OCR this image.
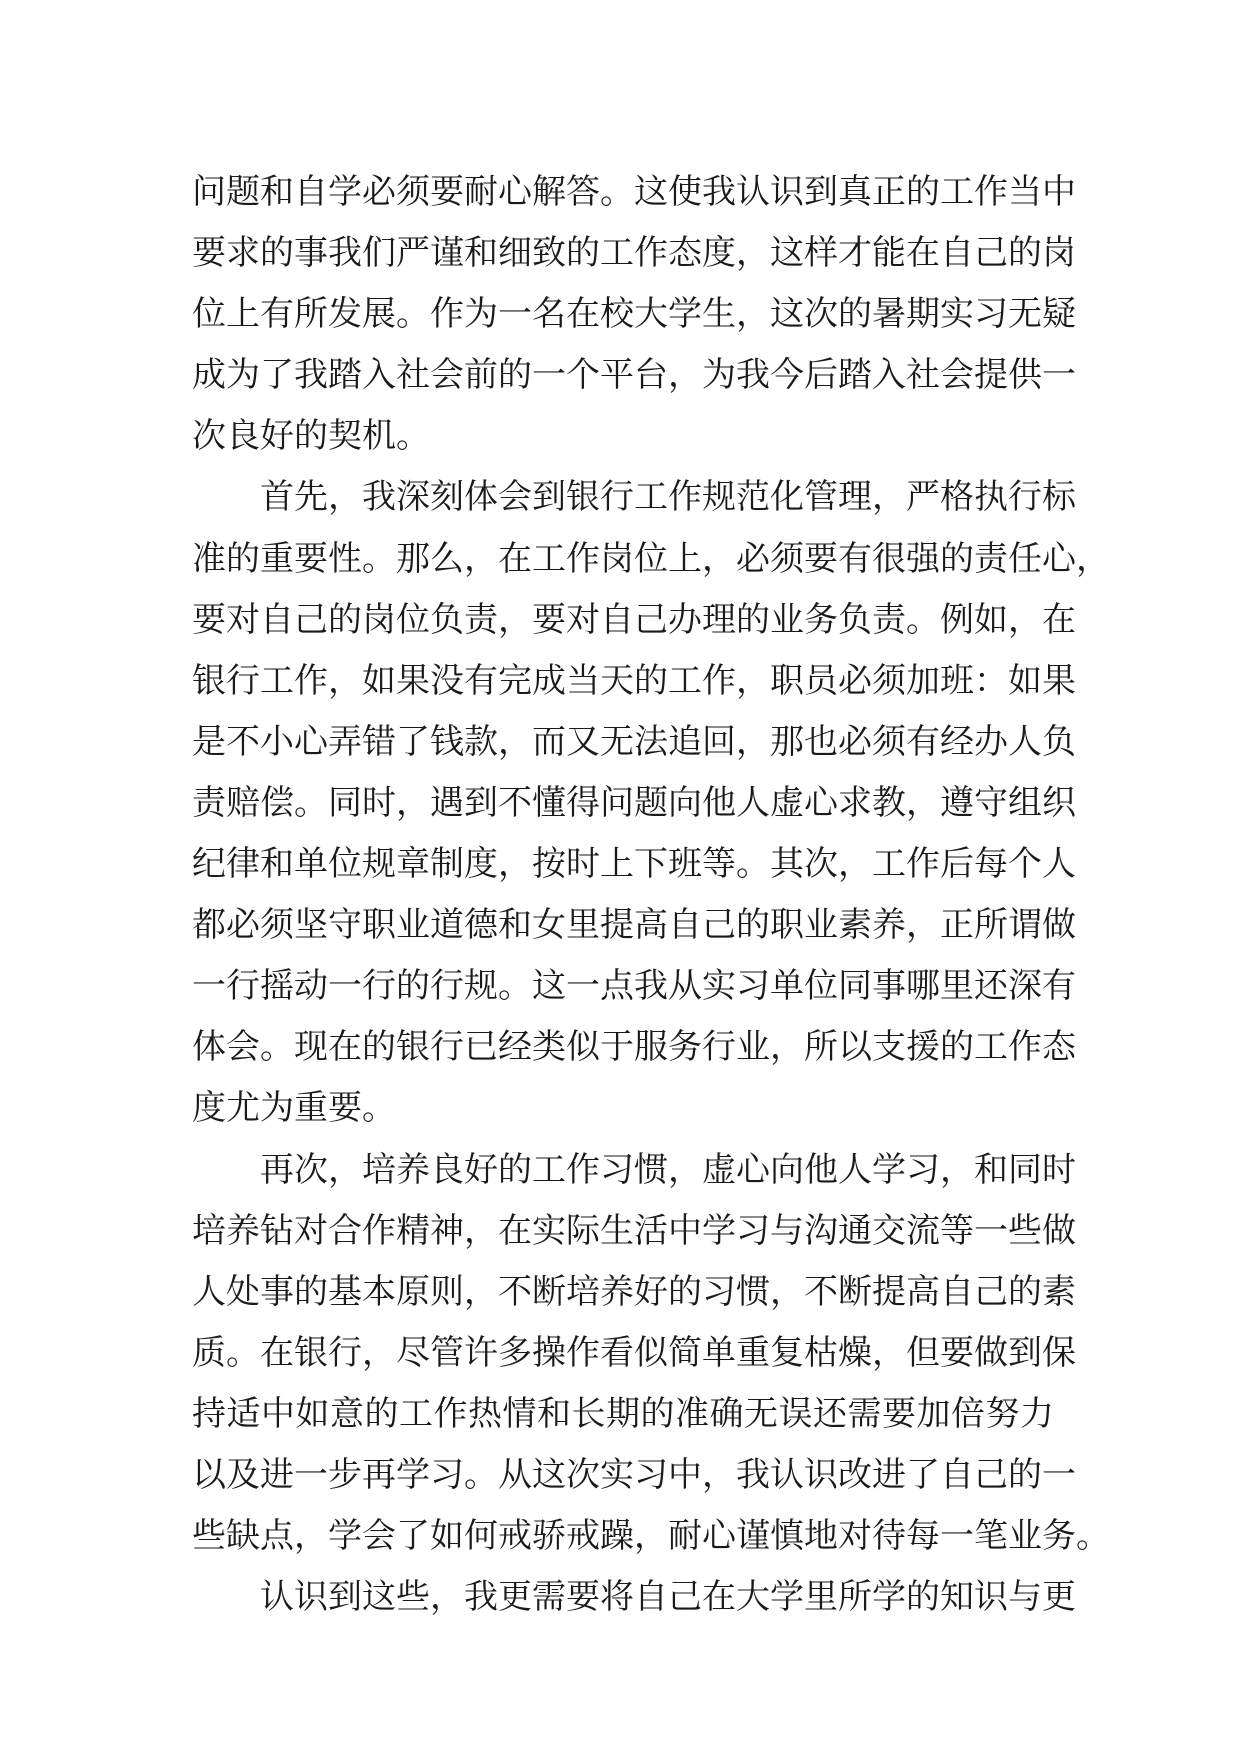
问题和自学必须要耐心解答。这使我认识到真正的工作当中
要求的事我们严谨和细致的工作态度，这样才能在自己的岗
位上有所发展。作为一名在校大学生，这次的暑期实习无疑
成为了我踏入社会前的一个平台，为我今后踏入社会提供一
次良好的契机。

　　首先，我深刻体会到银行工作规范化管理，严格执行标
准的重要性。那么，在工作岗位上，必须要有很强的责任心，
要对自己的岗位负责，要对自己办理的业务负责。例如，在
银行工作，如果没有完成当天的工作，职员必须加班：如果
是不小心弄错了钱款，而又无法追回，那也必须有经办人负
责赔偿。同时，遇到不懂得问题向他人虚心求教，遵守组织
纪律和单位规章制度，按时上下班等。其次，工作后每个人
都必须坚守职业道德和女里提高自己的职业素养，正所谓做
一行摇动一行的行规。这一点我从实习单位同事哪里还深有
体会。现在的银行已经类似于服务行业，所以支援的工作态
度尤为重要。

　　再次，培养良好的工作习惯，虚心向他人学习，和同时
培养钻对合作精神，在实际生活中学习与沟通交流等一些做
人处事的基本原则，不断培养好的习惯，不断提高自己的素
质。在银行，尽管许多操作看似简单重复枯燥，但要做到保
持适中如意的工作热情和长期的准确无误还需要加倍努力
以及进一步再学习。从这次实习中，我认识改进了自己的一
些缺点，学会了如何戒骄戒躁，耐心谨慎地对待每一笔业务。

　　认识到这些，我更需要将自己在大学里所学的知识与更
